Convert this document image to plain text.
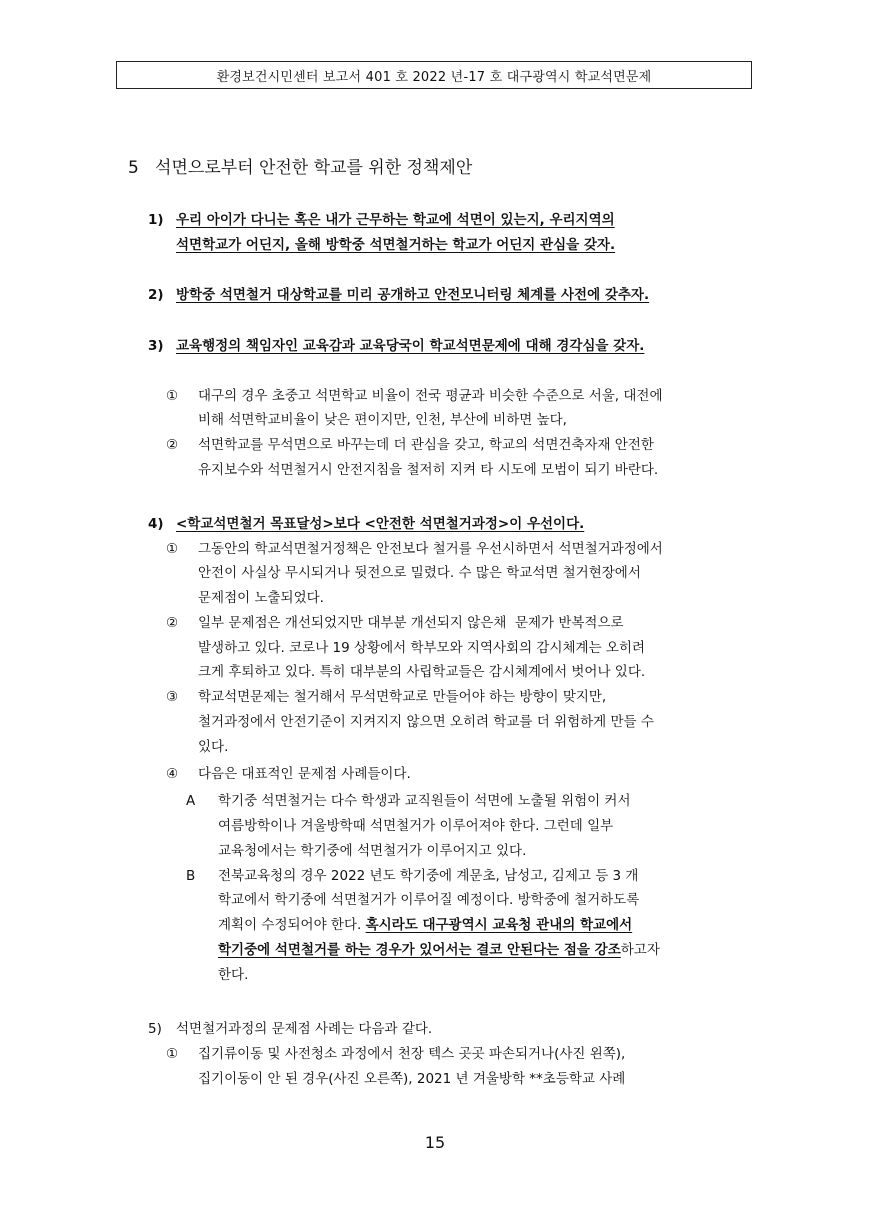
환경보건시민센터 보고서 401 호 2022 년-17 호 대구광역시 학교석면문제
5   석면으로부터 안전한 학교를 위한 정책제안
1) 우리 아이가 다니는 혹은 내가 근무하는 학교에 석면이 있는지, 우리지역의
석면학교가 어딘지, 올해 방학중 석면철거하는 학교가 어딘지 관심을 갖자.
2) 방학중 석면철거 대상학교를 미리 공개하고 안전모니터링 체계를 사전에 갖추자.
3) 교육행정의 책임자인 교육감과 교육당국이 학교석면문제에 대해 경각심을 갖자.
① 대구의 경우 초중고 석면학교 비율이 전국 평균과 비슷한 수준으로 서울, 대전에
비해 석면학교비율이 낮은 편이지만, 인천, 부산에 비하면 높다,
② 석면학교를 무석면으로 바꾸는데 더 관심을 갖고, 학교의 석면건축자재 안전한
유지보수와 석면철거시 안전지침을 철저히 지켜 타 시도에 모범이 되기 바란다.
4) <학교석면철거 목표달성>보다 <안전한 석면철거과정>이 우선이다.
① 그동안의 학교석면철거정책은 안전보다 철거를 우선시하면서 석면철거과정에서
안전이 사실상 무시되거나 뒷전으로 밀렸다. 수 많은 학교석면 철거현장에서
문제점이 노출되었다.
② 일부 문제점은 개선되었지만 대부분 개선되지 않은채  문제가 반복적으로
발생하고 있다. 코로나 19 상황에서 학부모와 지역사회의 감시체계는 오히려
크게 후퇴하고 있다. 특히 대부분의 사립학교들은 감시체계에서 벗어나 있다.
③ 학교석면문제는 철거해서 무석면학교로 만들어야 하는 방향이 맞지만,
철거과정에서 안전기준이 지켜지지 않으면 오히려 학교를 더 위험하게 만들 수
있다.
④ 다음은 대표적인 문제점 사례들이다.
A 학기중 석면철거는 다수 학생과 교직원들이 석면에 노출될 위험이 커서
여름방학이나 겨울방학때 석면철거가 이루어져야 한다. 그런데 일부
교육청에서는 학기중에 석면철거가 이루어지고 있다.
B 전북교육청의 경우 2022 년도 학기중에 계문초, 남성고, 김제고 등 3 개
학교에서 학기중에 석면철거가 이루어질 예정이다. 방학중에 철거하도록
계획이 수정되어야 한다. 혹시라도 대구광역시 교육청 관내의 학교에서
학기중에 석면철거를 하는 경우가 있어서는 결코 안된다는 점을 강조하고자
한다.
5) 석면철거과정의 문제점 사례는 다음과 같다.
① 집기류이동 및 사전청소 과정에서 천장 텍스 곳곳 파손되거나(사진 왼쪽),
집기이동이 안 된 경우(사진 오른쪽), 2021 년 겨울방학 **초등학교 사례
15
